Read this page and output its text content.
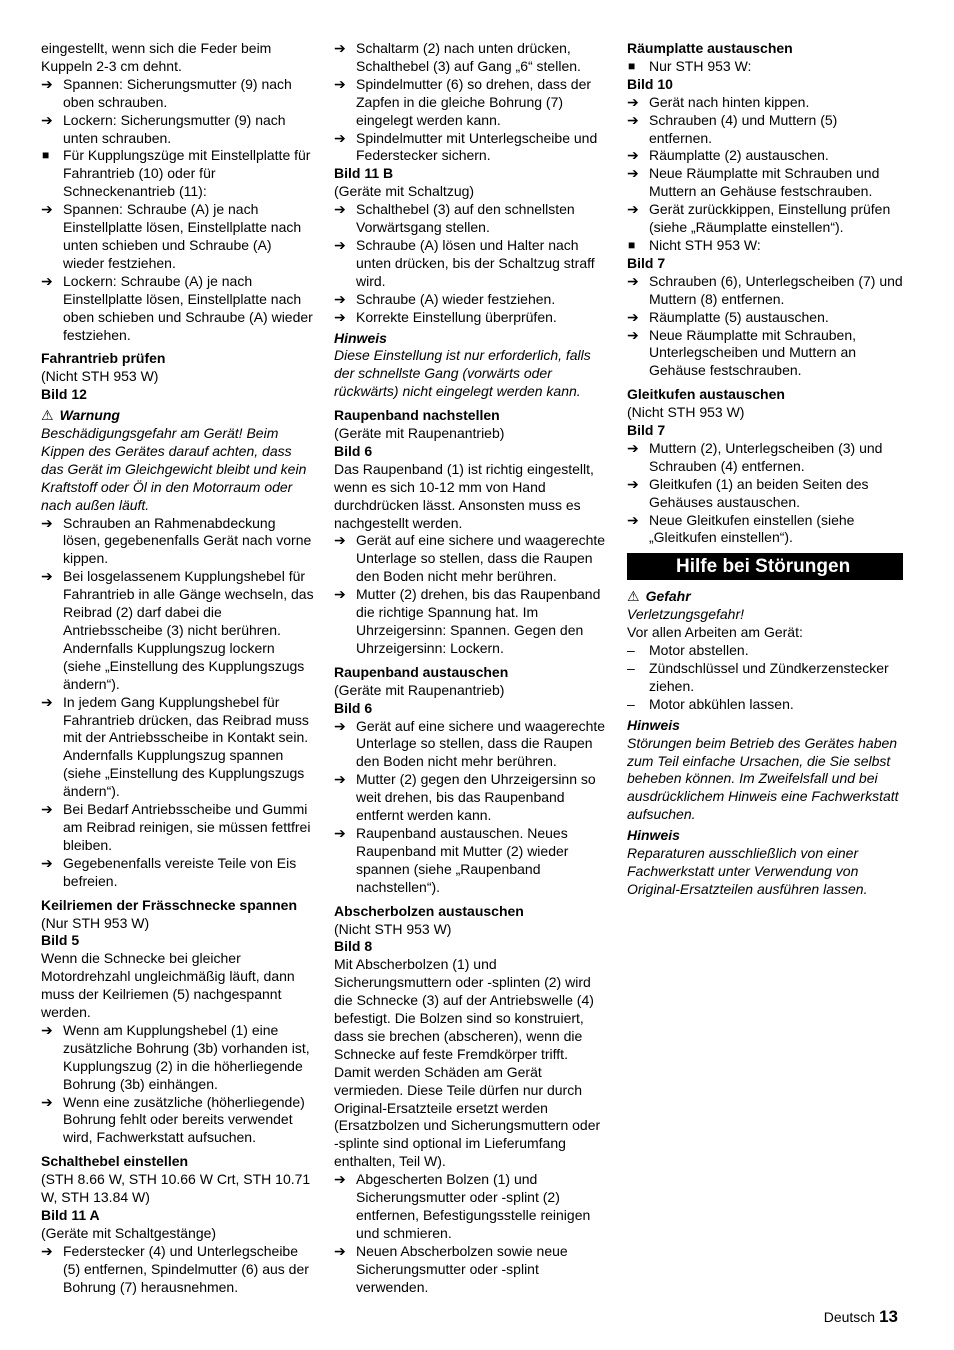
eingestellt, wenn sich die Feder beim Kuppeln 2-3 cm dehnt.
➔ Spannen: Sicherungsmutter (9) nach oben schrauben.
➔ Lockern: Sicherungsmutter (9) nach unten schrauben.
■ Für Kupplungszüge mit Einstellplatte für Fahrantrieb (10) oder für Schneckenantrieb (11):
➔ Spannen: Schraube (A) je nach Einstellplatte lösen, Einstellplatte nach unten schieben und Schraube (A) wieder festziehen.
➔ Lockern: Schraube (A) je nach Einstellplatte lösen, Einstellplatte nach oben schieben und Schraube (A) wieder festziehen.
Fahrantrieb prüfen
(Nicht STH 953 W)
Bild 12
⚠ Warnung
Beschädigungsgefahr am Gerät! Beim Kippen des Gerätes darauf achten, dass das Gerät im Gleichgewicht bleibt und kein Kraftstoff oder Öl in den Motorraum oder nach außen läuft.
➔ Schrauben an Rahmenabdeckung lösen, gegebenenfalls Gerät nach vorne kippen.
➔ Bei losgelassenem Kupplungshebel für Fahrantrieb in alle Gänge wechseln, das Reibrad (2) darf dabei die Antriebsscheibe (3) nicht berühren. Andernfalls Kupplungszug lockern (siehe „Einstellung des Kupplungszugs ändern“).
➔ In jedem Gang Kupplungshebel für Fahrantrieb drücken, das Reibrad muss mit der Antriebsscheibe in Kontakt sein. Andernfalls Kupplungszug spannen (siehe „Einstellung des Kupplungszugs ändern“).
➔ Bei Bedarf Antriebsscheibe und Gummi am Reibrad reinigen, sie müssen fettfrei bleiben.
➔ Gegebenenfalls vereiste Teile von Eis befreien.
Keilriemen der Frässchnecke spannen
(Nur STH 953 W)
Bild 5
Wenn die Schnecke bei gleicher Motordrehzahl ungleichmäßig läuft, dann muss der Keilriemen (5) nachgespannt werden.
➔ Wenn am Kupplungshebel (1) eine zusätzliche Bohrung (3b) vorhanden ist, Kupplungszug (2) in die höherliegende Bohrung (3b) einhängen.
➔ Wenn eine zusätzliche (höherliegende) Bohrung fehlt oder bereits verwendet wird, Fachwerkstatt aufsuchen.
Schalthebel einstellen
(STH 8.66 W, STH 10.66 W Crt, STH 10.71 W, STH 13.84 W)
Bild 11 A
(Geräte mit Schaltgestänge)
➔ Federstecker (4) und Unterlegscheibe (5) entfernen, Spindelmutter (6) aus der Bohrung (7) herausnehmen.
➔ Schaltarm (2) nach unten drücken, Schalthebel (3) auf Gang „6“ stellen.
➔ Spindelmutter (6) so drehen, dass der Zapfen in die gleiche Bohrung (7) eingelegt werden kann.
➔ Spindelmutter mit Unterlegscheibe und Federstecker sichern.
Bild 11 B
(Geräte mit Schaltzug)
➔ Schalthebel (3) auf den schnellsten Vorwärtsgang stellen.
➔ Schraube (A) lösen und Halter nach unten drücken, bis der Schaltzug straff wird.
➔ Schraube (A) wieder festziehen.
➔ Korrekte Einstellung überprüfen.
Hinweis
Diese Einstellung ist nur erforderlich, falls der schnellste Gang (vorwärts oder rückwärts) nicht eingelegt werden kann.
Raupenband nachstellen
(Geräte mit Raupenantrieb)
Bild 6
Das Raupenband (1) ist richtig eingestellt, wenn es sich 10-12 mm von Hand durchdrücken lässt. Ansonsten muss es nachgestellt werden.
➔ Gerät auf eine sichere und waagerechte Unterlage so stellen, dass die Raupen den Boden nicht mehr berühren.
➔ Mutter (2) drehen, bis das Raupenband die richtige Spannung hat. Im Uhrzeigersinn: Spannen. Gegen den Uhrzeigersinn: Lockern.
Raupenband austauschen
(Geräte mit Raupenantrieb)
Bild 6
➔ Gerät auf eine sichere und waagerechte Unterlage so stellen, dass die Raupen den Boden nicht mehr berühren.
➔ Mutter (2) gegen den Uhrzeigersinn so weit drehen, bis das Raupenband entfernt werden kann.
➔ Raupenband austauschen. Neues Raupenband mit Mutter (2) wieder spannen (siehe „Raupenband nachstellen“).
Abscherbolzen austauschen
(Nicht STH 953 W)
Bild 8
Mit Abscherbolzen (1) und Sicherungsmuttern oder -splinten (2) wird die Schnecke (3) auf der Antriebswelle (4) befestigt. Die Bolzen sind so konstruiert, dass sie brechen (abscheren), wenn die Schnecke auf feste Fremdkörper trifft. Damit werden Schäden am Gerät vermieden. Diese Teile dürfen nur durch Original-Ersatzteile ersetzt werden (Ersatzbolzen und Sicherungsmuttern oder -splinte sind optional im Lieferumfang enthalten, Teil W).
➔ Abgescherten Bolzen (1) und Sicherungsmutter oder -splint (2) entfernen, Befestigungsstelle reinigen und schmieren.
➔ Neuen Abscherbolzen sowie neue Sicherungsmutter oder -splint verwenden.
Räumplatte austauschen
■ Nur STH 953 W:
Bild 10
➔ Gerät nach hinten kippen.
➔ Schrauben (4) und Muttern (5) entfernen.
➔ Räumplatte (2) austauschen.
➔ Neue Räumplatte mit Schrauben und Muttern an Gehäuse festschrauben.
➔ Gerät zurückkippen, Einstellung prüfen (siehe „Räumplatte einstellen“).
■ Nicht STH 953 W:
Bild 7
➔ Schrauben (6), Unterlegscheiben (7) und Muttern (8) entfernen.
➔ Räumplatte (5) austauschen.
➔ Neue Räumplatte mit Schrauben, Unterlegscheiben und Muttern an Gehäuse festschrauben.
Gleitkufen austauschen
(Nicht STH 953 W)
Bild 7
➔ Muttern (2), Unterlegscheiben (3) und Schrauben (4) entfernen.
➔ Gleitkufen (1) an beiden Seiten des Gehäuses austauschen.
➔ Neue Gleitkufen einstellen (siehe „Gleitkufen einstellen“).
Hilfe bei Störungen
⚠ Gefahr
Verletzungsgefahr!
Vor allen Arbeiten am Gerät:
– Motor abstellen.
– Zündschlüssel und Zündkerzenstecker ziehen.
– Motor abkühlen lassen.
Hinweis
Störungen beim Betrieb des Gerätes haben zum Teil einfache Ursachen, die Sie selbst beheben können. Im Zweifelsfall und bei ausdrücklichem Hinweis eine Fachwerkstatt aufsuchen.
Hinweis
Reparaturen ausschließlich von einer Fachwerkstatt unter Verwendung von Original-Ersatzteilen ausführen lassen.
Deutsch 13
